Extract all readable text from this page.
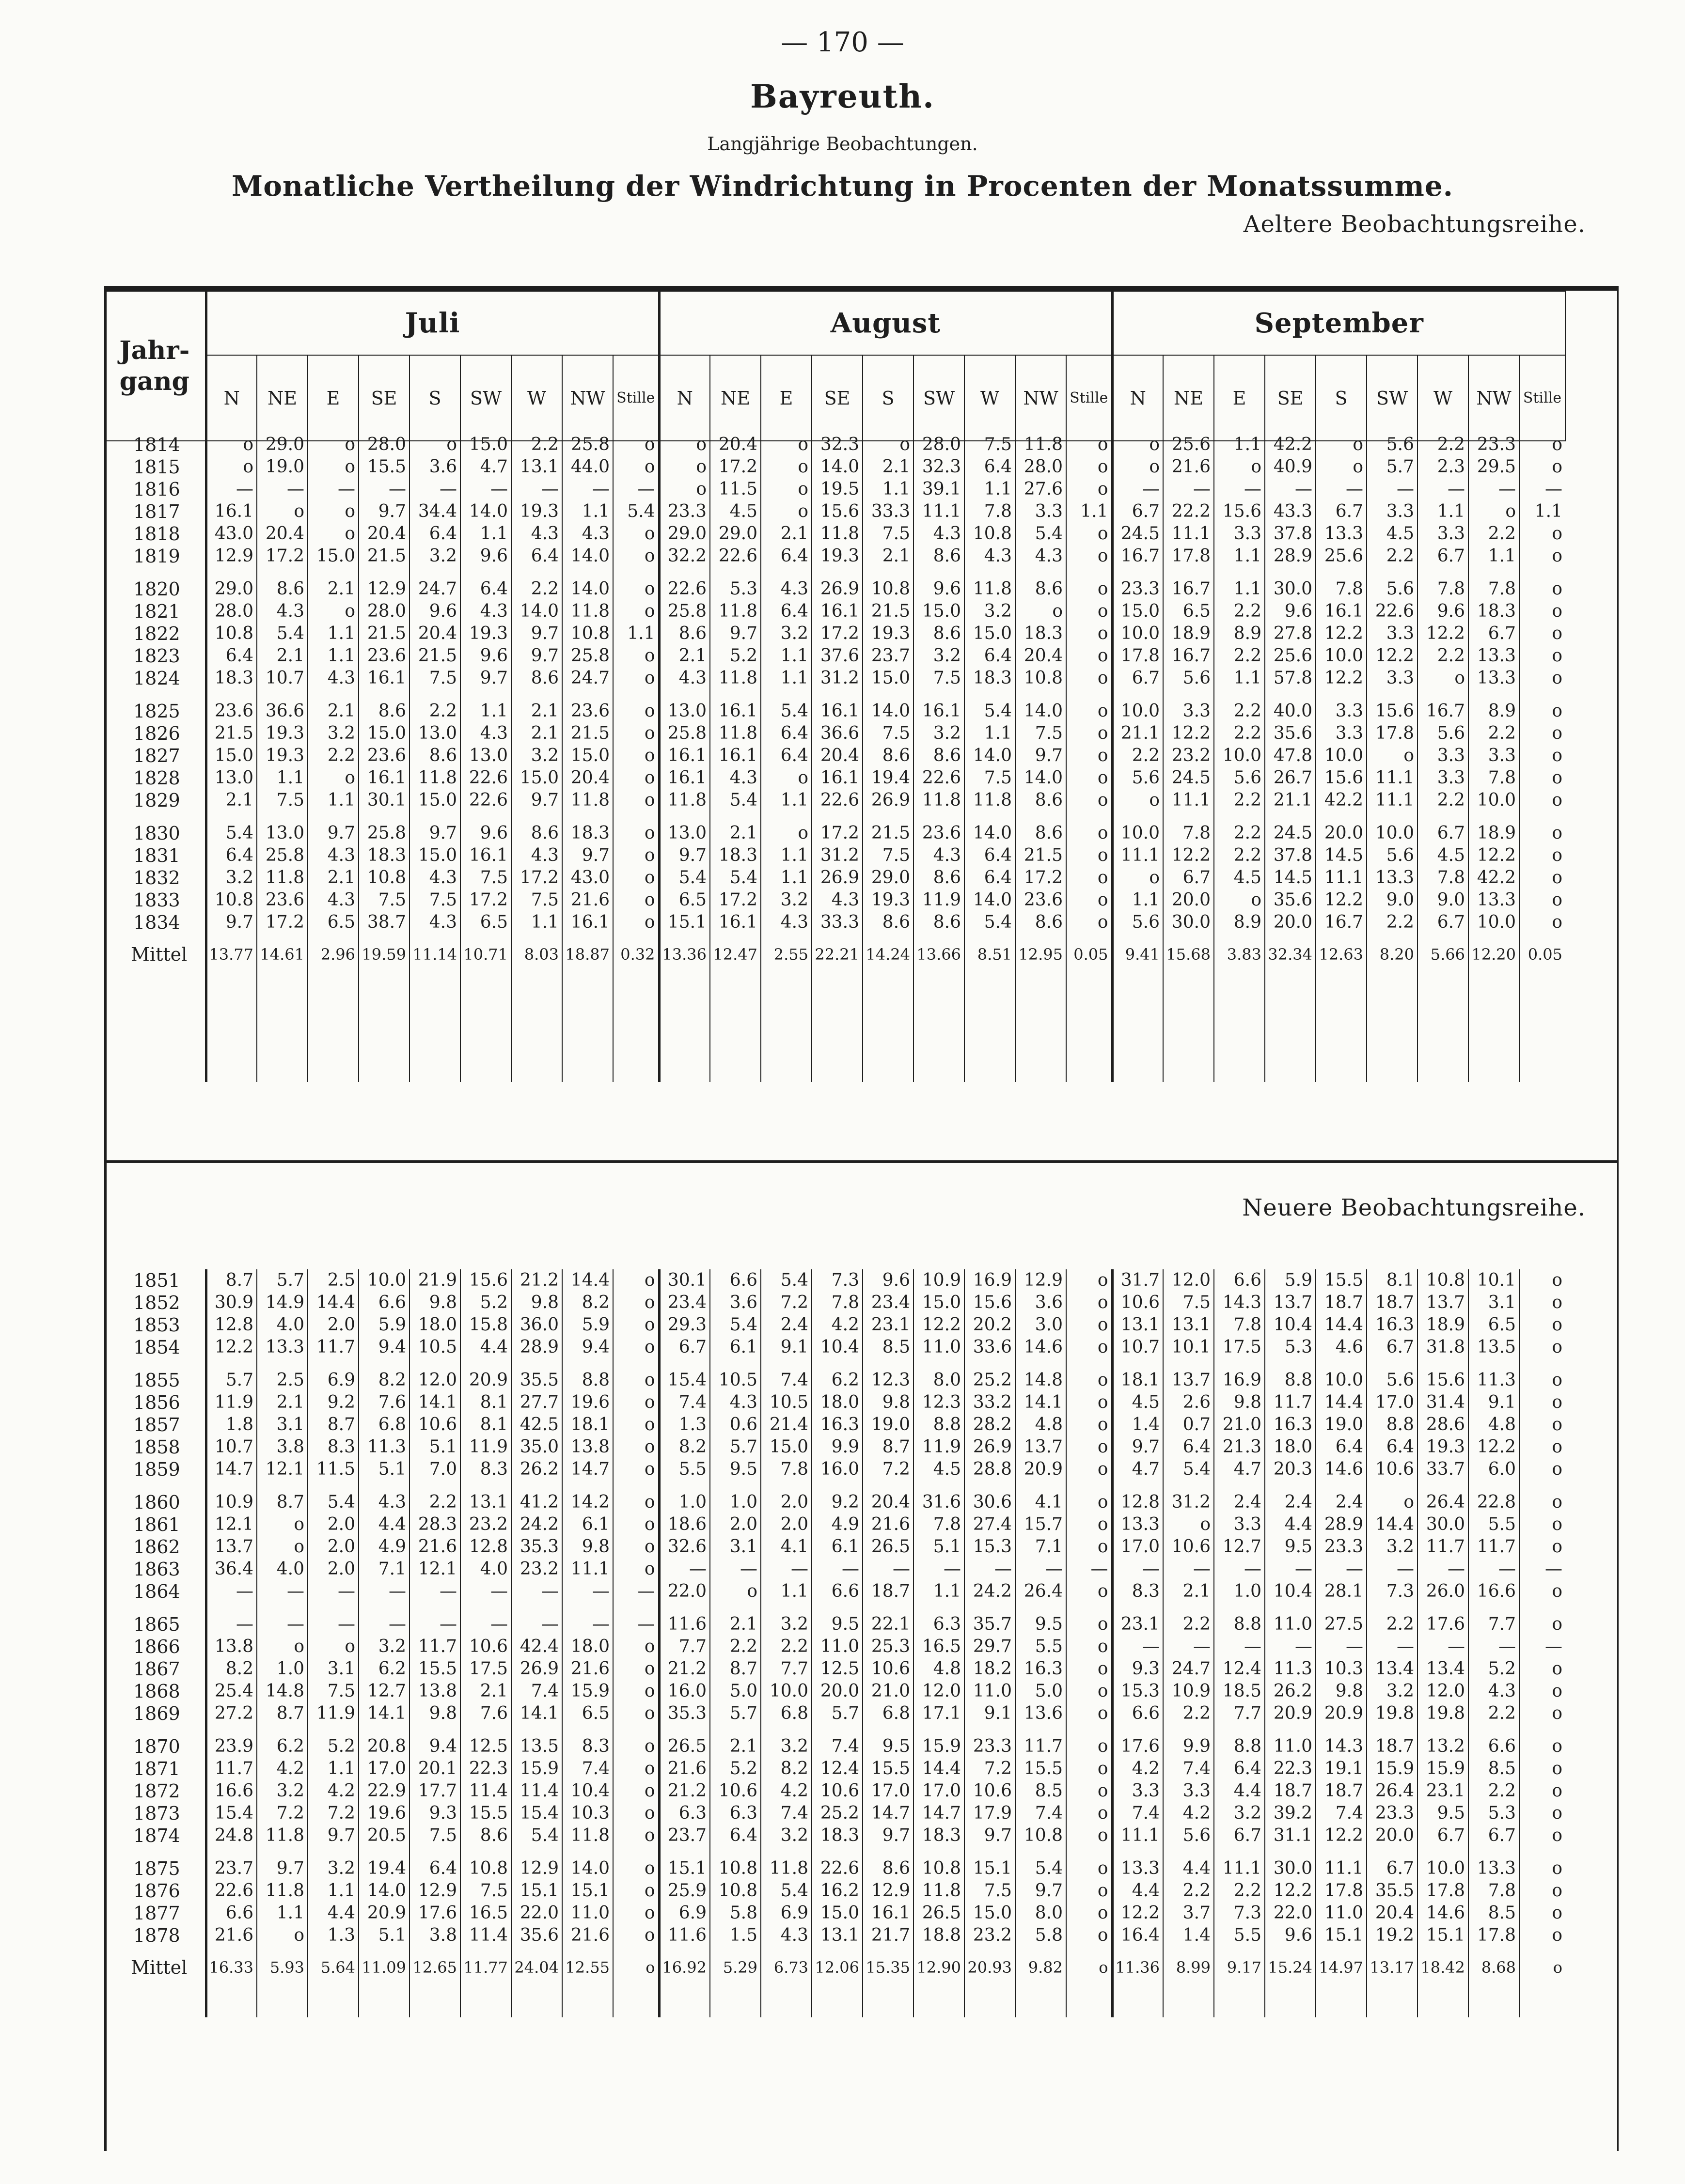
— 170 —
Bayreuth.
Langjährige Beobachtungen.
Monatliche Vertheilung der Windrichtung in Procenten der Monatssumme.
Aeltere Beobachtungsreihe.
Neuere Beobachtungsreihe.
Jahr-gang	Juli									August									September								
	N	NE	E	SE	S	SW	W	NW	Stille	N	NE	E	SE	S	SW	W	NW	Stille	N	NE	E	SE	S	SW	W	NW	Stille
1814	o	29.0	o	28.0	o	15.0	2.2	25.8	o	o	20.4	o	32.3	o	28.0	7.5	11.8	o	o	25.6	1.1	42.2	o	5.6	2.2	23.3	o
1815	o	19.0	o	15.5	3.6	4.7	13.1	44.0	o	o	17.2	o	14.0	2.1	32.3	6.4	28.0	o	o	21.6	o	40.9	o	5.7	2.3	29.5	o
1816	—	—	—	—	—	—	—	—	—	o	11.5	o	19.5	1.1	39.1	1.1	27.6	o	—	—	—	—	—	—	—	—	—
1817	16.1	o	o	9.7	34.4	14.0	19.3	1.1	5.4	23.3	4.5	o	15.6	33.3	11.1	7.8	3.3	1.1	6.7	22.2	15.6	43.3	6.7	3.3	1.1	o	1.1
1818	43.0	20.4	o	20.4	6.4	1.1	4.3	4.3	o	29.0	29.0	2.1	11.8	7.5	4.3	10.8	5.4	o	24.5	11.1	3.3	37.8	13.3	4.5	3.3	2.2	o
1819	12.9	17.2	15.0	21.5	3.2	9.6	6.4	14.0	o	32.2	22.6	6.4	19.3	2.1	8.6	4.3	4.3	o	16.7	17.8	1.1	28.9	25.6	2.2	6.7	1.1	o
1820	29.0	8.6	2.1	12.9	24.7	6.4	2.2	14.0	o	22.6	5.3	4.3	26.9	10.8	9.6	11.8	8.6	o	23.3	16.7	1.1	30.0	7.8	5.6	7.8	7.8	o
1821	28.0	4.3	o	28.0	9.6	4.3	14.0	11.8	o	25.8	11.8	6.4	16.1	21.5	15.0	3.2	o	o	15.0	6.5	2.2	9.6	16.1	22.6	9.6	18.3	o
1822	10.8	5.4	1.1	21.5	20.4	19.3	9.7	10.8	1.1	8.6	9.7	3.2	17.2	19.3	8.6	15.0	18.3	o	10.0	18.9	8.9	27.8	12.2	3.3	12.2	6.7	o
1823	6.4	2.1	1.1	23.6	21.5	9.6	9.7	25.8	o	2.1	5.2	1.1	37.6	23.7	3.2	6.4	20.4	o	17.8	16.7	2.2	25.6	10.0	12.2	2.2	13.3	o
1824	18.3	10.7	4.3	16.1	7.5	9.7	8.6	24.7	o	4.3	11.8	1.1	31.2	15.0	7.5	18.3	10.8	o	6.7	5.6	1.1	57.8	12.2	3.3	o	13.3	o
1825	23.6	36.6	2.1	8.6	2.2	1.1	2.1	23.6	o	13.0	16.1	5.4	16.1	14.0	16.1	5.4	14.0	o	10.0	3.3	2.2	40.0	3.3	15.6	16.7	8.9	o
1826	21.5	19.3	3.2	15.0	13.0	4.3	2.1	21.5	o	25.8	11.8	6.4	36.6	7.5	3.2	1.1	7.5	o	21.1	12.2	2.2	35.6	3.3	17.8	5.6	2.2	o
1827	15.0	19.3	2.2	23.6	8.6	13.0	3.2	15.0	o	16.1	16.1	6.4	20.4	8.6	8.6	14.0	9.7	o	2.2	23.2	10.0	47.8	10.0	o	3.3	3.3	o
1828	13.0	1.1	o	16.1	11.8	22.6	15.0	20.4	o	16.1	4.3	o	16.1	19.4	22.6	7.5	14.0	o	5.6	24.5	5.6	26.7	15.6	11.1	3.3	7.8	o
1829	2.1	7.5	1.1	30.1	15.0	22.6	9.7	11.8	o	11.8	5.4	1.1	22.6	26.9	11.8	11.8	8.6	o	o	11.1	2.2	21.1	42.2	11.1	2.2	10.0	o
1830	5.4	13.0	9.7	25.8	9.7	9.6	8.6	18.3	o	13.0	2.1	o	17.2	21.5	23.6	14.0	8.6	o	10.0	7.8	2.2	24.5	20.0	10.0	6.7	18.9	o
1831	6.4	25.8	4.3	18.3	15.0	16.1	4.3	9.7	o	9.7	18.3	1.1	31.2	7.5	4.3	6.4	21.5	o	11.1	12.2	2.2	37.8	14.5	5.6	4.5	12.2	o
1832	3.2	11.8	2.1	10.8	4.3	7.5	17.2	43.0	o	5.4	5.4	1.1	26.9	29.0	8.6	6.4	17.2	o	o	6.7	4.5	14.5	11.1	13.3	7.8	42.2	o
1833	10.8	23.6	4.3	7.5	7.5	17.2	7.5	21.6	o	6.5	17.2	3.2	4.3	19.3	11.9	14.0	23.6	o	1.1	20.0	o	35.6	12.2	9.0	9.0	13.3	o
1834	9.7	17.2	6.5	38.7	4.3	6.5	1.1	16.1	o	15.1	16.1	4.3	33.3	8.6	8.6	5.4	8.6	o	5.6	30.0	8.9	20.0	16.7	2.2	6.7	10.0	o
Mittel	13.77	14.61	2.96	19.59	11.14	10.71	8.03	18.87	0.32	13.36	12.47	2.55	22.21	14.24	13.66	8.51	12.95	0.05	9.41	15.68	3.83	32.34	12.63	8.20	5.66	12.20	0.05

1851	8.7	5.7	2.5	10.0	21.9	15.6	21.2	14.4	o	30.1	6.6	5.4	7.3	9.6	10.9	16.9	12.9	o	31.7	12.0	6.6	5.9	15.5	8.1	10.8	10.1	o
1852	30.9	14.9	14.4	6.6	9.8	5.2	9.8	8.2	o	23.4	3.6	7.2	7.8	23.4	15.0	15.6	3.6	o	10.6	7.5	14.3	13.7	18.7	18.7	13.7	3.1	o
1853	12.8	4.0	2.0	5.9	18.0	15.8	36.0	5.9	o	29.3	5.4	2.4	4.2	23.1	12.2	20.2	3.0	o	13.1	13.1	7.8	10.4	14.4	16.3	18.9	6.5	o
1854	12.2	13.3	11.7	9.4	10.5	4.4	28.9	9.4	o	6.7	6.1	9.1	10.4	8.5	11.0	33.6	14.6	o	10.7	10.1	17.5	5.3	4.6	6.7	31.8	13.5	o
1855	5.7	2.5	6.9	8.2	12.0	20.9	35.5	8.8	o	15.4	10.5	7.4	6.2	12.3	8.0	25.2	14.8	o	18.1	13.7	16.9	8.8	10.0	5.6	15.6	11.3	o
1856	11.9	2.1	9.2	7.6	14.1	8.1	27.7	19.6	o	7.4	4.3	10.5	18.0	9.8	12.3	33.2	14.1	o	4.5	2.6	9.8	11.7	14.4	17.0	31.4	9.1	o
1857	1.8	3.1	8.7	6.8	10.6	8.1	42.5	18.1	o	1.3	0.6	21.4	16.3	19.0	8.8	28.2	4.8	o	1.4	0.7	21.0	16.3	19.0	8.8	28.6	4.8	o
1858	10.7	3.8	8.3	11.3	5.1	11.9	35.0	13.8	o	8.2	5.7	15.0	9.9	8.7	11.9	26.9	13.7	o	9.7	6.4	21.3	18.0	6.4	6.4	19.3	12.2	o
1859	14.7	12.1	11.5	5.1	7.0	8.3	26.2	14.7	o	5.5	9.5	7.8	16.0	7.2	4.5	28.8	20.9	o	4.7	5.4	4.7	20.3	14.6	10.6	33.7	6.0	o
1860	10.9	8.7	5.4	4.3	2.2	13.1	41.2	14.2	o	1.0	1.0	2.0	9.2	20.4	31.6	30.6	4.1	o	12.8	31.2	2.4	2.4	2.4	o	26.4	22.8	o
1861	12.1	o	2.0	4.4	28.3	23.2	24.2	6.1	o	18.6	2.0	2.0	4.9	21.6	7.8	27.4	15.7	o	13.3	o	3.3	4.4	28.9	14.4	30.0	5.5	o
1862	13.7	o	2.0	4.9	21.6	12.8	35.3	9.8	o	32.6	3.1	4.1	6.1	26.5	5.1	15.3	7.1	o	17.0	10.6	12.7	9.5	23.3	3.2	11.7	11.7	o
1863	36.4	4.0	2.0	7.1	12.1	4.0	23.2	11.1	o	—	—	—	—	—	—	—	—	—	—	—	—	—	—	—	—	—	—
1864	—	—	—	—	—	—	—	—	—	22.0	o	1.1	6.6	18.7	1.1	24.2	26.4	o	8.3	2.1	1.0	10.4	28.1	7.3	26.0	16.6	o
1865	—	—	—	—	—	—	—	—	—	11.6	2.1	3.2	9.5	22.1	6.3	35.7	9.5	o	23.1	2.2	8.8	11.0	27.5	2.2	17.6	7.7	o
1866	13.8	o	o	3.2	11.7	10.6	42.4	18.0	o	7.7	2.2	2.2	11.0	25.3	16.5	29.7	5.5	o	—	—	—	—	—	—	—	—	—
1867	8.2	1.0	3.1	6.2	15.5	17.5	26.9	21.6	o	21.2	8.7	7.7	12.5	10.6	4.8	18.2	16.3	o	9.3	24.7	12.4	11.3	10.3	13.4	13.4	5.2	o
1868	25.4	14.8	7.5	12.7	13.8	2.1	7.4	15.9	o	16.0	5.0	10.0	20.0	21.0	12.0	11.0	5.0	o	15.3	10.9	18.5	26.2	9.8	3.2	12.0	4.3	o
1869	27.2	8.7	11.9	14.1	9.8	7.6	14.1	6.5	o	35.3	5.7	6.8	5.7	6.8	17.1	9.1	13.6	o	6.6	2.2	7.7	20.9	20.9	19.8	19.8	2.2	o
1870	23.9	6.2	5.2	20.8	9.4	12.5	13.5	8.3	o	26.5	2.1	3.2	7.4	9.5	15.9	23.3	11.7	o	17.6	9.9	8.8	11.0	14.3	18.7	13.2	6.6	o
1871	11.7	4.2	1.1	17.0	20.1	22.3	15.9	7.4	o	21.6	5.2	8.2	12.4	15.5	14.4	7.2	15.5	o	4.2	7.4	6.4	22.3	19.1	15.9	15.9	8.5	o
1872	16.6	3.2	4.2	22.9	17.7	11.4	11.4	10.4	o	21.2	10.6	4.2	10.6	17.0	17.0	10.6	8.5	o	3.3	3.3	4.4	18.7	18.7	26.4	23.1	2.2	o
1873	15.4	7.2	7.2	19.6	9.3	15.5	15.4	10.3	o	6.3	6.3	7.4	25.2	14.7	14.7	17.9	7.4	o	7.4	4.2	3.2	39.2	7.4	23.3	9.5	5.3	o
1874	24.8	11.8	9.7	20.5	7.5	8.6	5.4	11.8	o	23.7	6.4	3.2	18.3	9.7	18.3	9.7	10.8	o	11.1	5.6	6.7	31.1	12.2	20.0	6.7	6.7	o
1875	23.7	9.7	3.2	19.4	6.4	10.8	12.9	14.0	o	15.1	10.8	11.8	22.6	8.6	10.8	15.1	5.4	o	13.3	4.4	11.1	30.0	11.1	6.7	10.0	13.3	o
1876	22.6	11.8	1.1	14.0	12.9	7.5	15.1	15.1	o	25.9	10.8	5.4	16.2	12.9	11.8	7.5	9.7	o	4.4	2.2	2.2	12.2	17.8	35.5	17.8	7.8	o
1877	6.6	1.1	4.4	20.9	17.6	16.5	22.0	11.0	o	6.9	5.8	6.9	15.0	16.1	26.5	15.0	8.0	o	12.2	3.7	7.3	22.0	11.0	20.4	14.6	8.5	o
1878	21.6	o	1.3	5.1	3.8	11.4	35.6	21.6	o	11.6	1.5	4.3	13.1	21.7	18.8	23.2	5.8	o	16.4	1.4	5.5	9.6	15.1	19.2	15.1	17.8	o
Mittel	16.33	5.93	5.64	11.09	12.65	11.77	24.04	12.55	o	16.92	5.29	6.73	12.06	15.35	12.90	20.93	9.82	o	11.36	8.99	9.17	15.24	14.97	13.17	18.42	8.68	o
